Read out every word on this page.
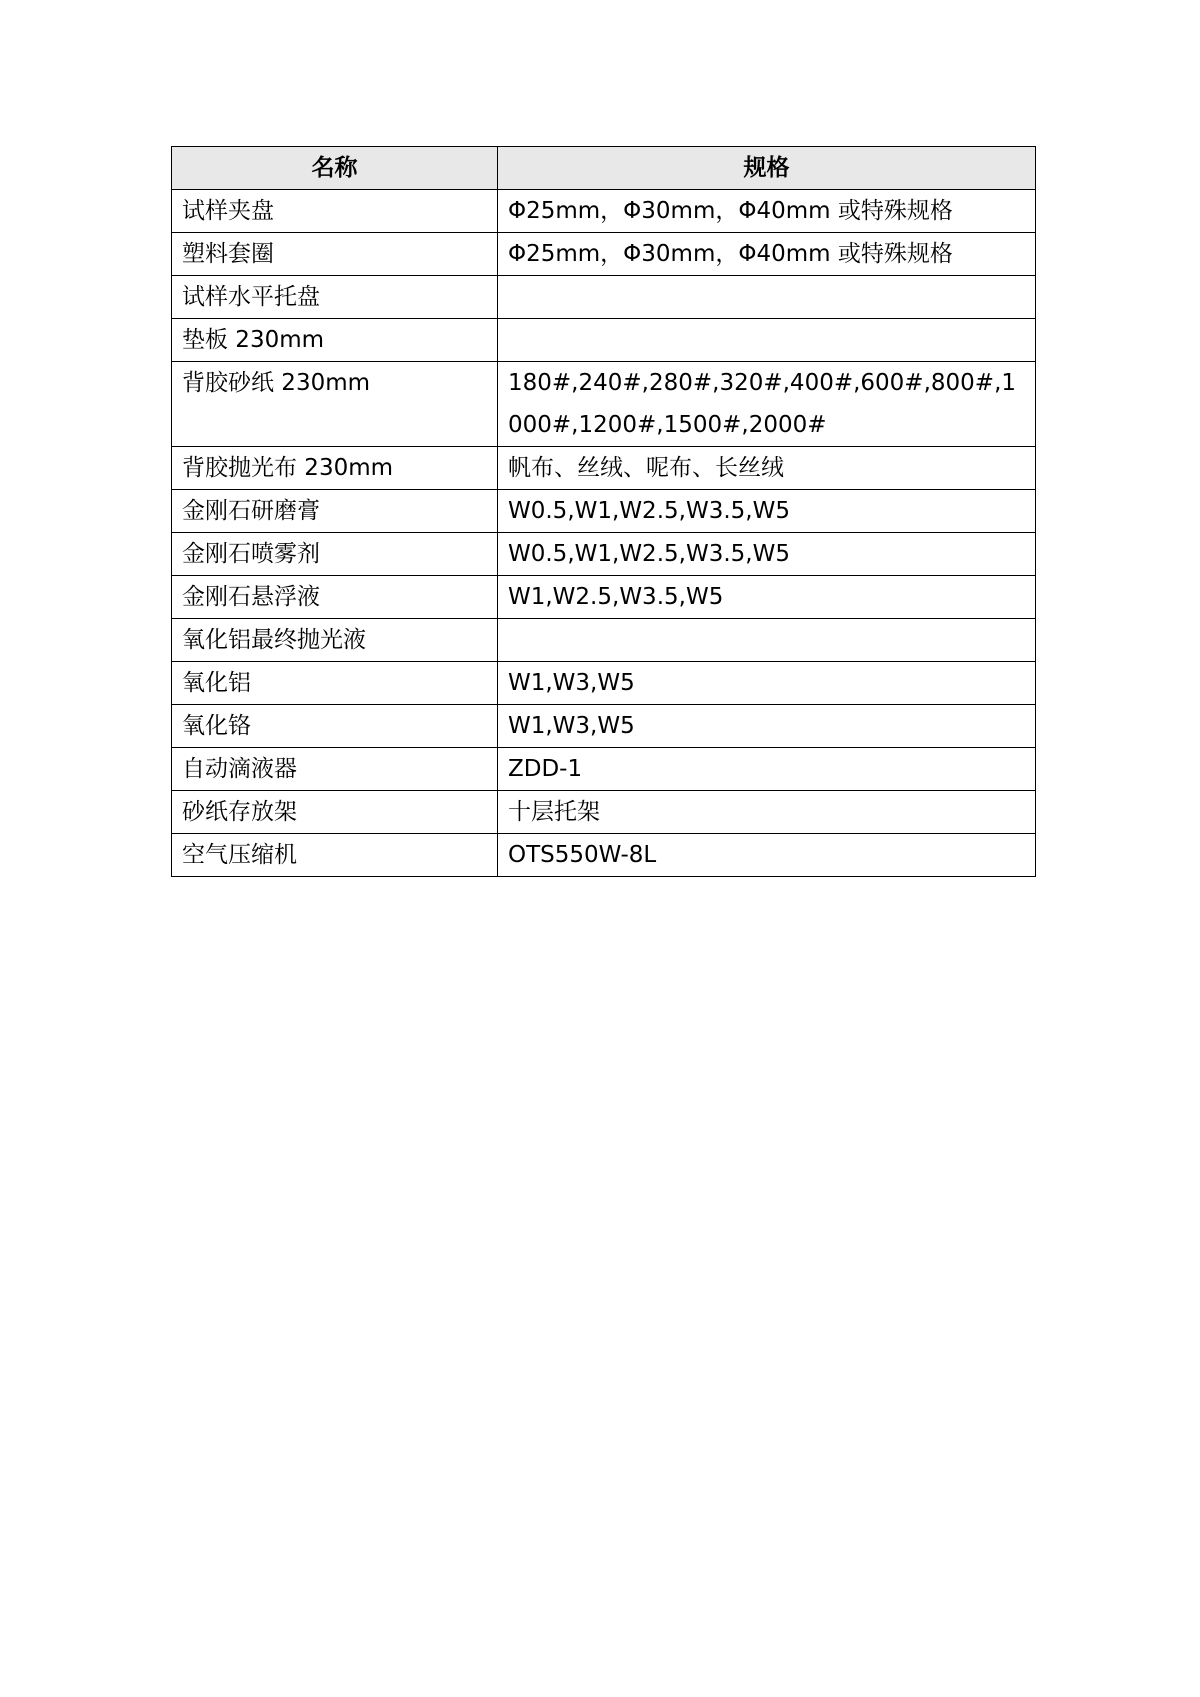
名称	规格
试样夹盘	Φ25mm，Φ30mm，Φ40mm 或特殊规格
塑料套圈	Φ25mm，Φ30mm，Φ40mm 或特殊规格
试样水平托盘	
垫板 230mm	
背胶砂纸 230mm	180#,240#,280#,320#,400#,600#,800#,1000#,1200#,1500#,2000#
背胶抛光布 230mm	帆布、丝绒、呢布、长丝绒
金刚石研磨膏	W0.5,W1,W2.5,W3.5,W5
金刚石喷雾剂	W0.5,W1,W2.5,W3.5,W5
金刚石悬浮液	W1,W2.5,W3.5,W5
氧化铝最终抛光液	
氧化铝	W1,W3,W5
氧化铬	W1,W3,W5
自动滴液器	ZDD-1
砂纸存放架	十层托架
空气压缩机	OTS550W-8L
